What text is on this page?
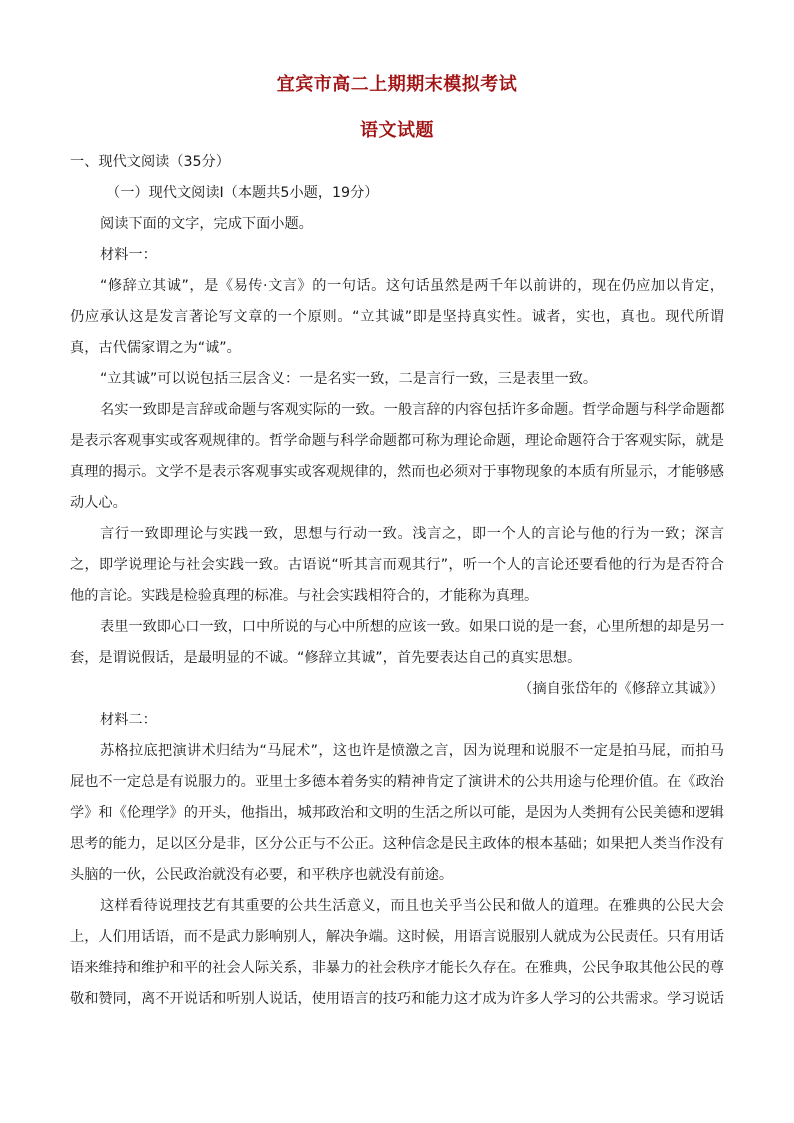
宜宾市高二上期期末模拟考试
语文试题
一、现代文阅读（35分）
（一）现代文阅读Ⅰ（本题共5小题，19分）
阅读下面的文字，完成下面小题。
材料一：
“修辞立其诚”，是《易传·文言》的一句话。这句话虽然是两千年以前讲的，现在仍应加以肯定，
仍应承认这是发言著论写文章的一个原则。“立其诚”即是坚持真实性。诚者，实也，真也。现代所谓
真，古代儒家谓之为“诚”。
“立其诚”可以说包括三层含义：一是名实一致，二是言行一致，三是表里一致。
名实一致即是言辞或命题与客观实际的一致。一般言辞的内容包括许多命题。哲学命题与科学命题都
是表示客观事实或客观规律的。哲学命题与科学命题都可称为理论命题，理论命题符合于客观实际，就是
真理的揭示。文学不是表示客观事实或客观规律的，然而也必须对于事物现象的本质有所显示，才能够感
动人心。
言行一致即理论与实践一致，思想与行动一致。浅言之，即一个人的言论与他的行为一致；深言
之，即学说理论与社会实践一致。古语说“听其言而观其行”，听一个人的言论还要看他的行为是否符合
他的言论。实践是检验真理的标准。与社会实践相符合的，才能称为真理。
表里一致即心口一致，口中所说的与心中所想的应该一致。如果口说的是一套，心里所想的却是另一
套，是谓说假话，是最明显的不诚。“修辞立其诚”，首先要表达自己的真实思想。
（摘自张岱年的《修辞立其诚》）
材料二：
苏格拉底把演讲术归结为“马屁术”，这也许是愤激之言，因为说理和说服不一定是拍马屁，而拍马
屁也不一定总是有说服力的。亚里士多德本着务实的精神肯定了演讲术的公共用途与伦理价值。在《政治
学》和《伦理学》的开头，他指出，城邦政治和文明的生活之所以可能，是因为人类拥有公民美德和逻辑
思考的能力，足以区分是非，区分公正与不公正。这种信念是民主政体的根本基础；如果把人类当作没有
头脑的一伙，公民政治就没有必要，和平秩序也就没有前途。
这样看待说理技艺有其重要的公共生活意义，而且也关乎当公民和做人的道理。在雅典的公民大会
上，人们用话语，而不是武力影响别人，解决争端。这时候，用语言说服别人就成为公民责任。只有用话
语来维持和维护和平的社会人际关系，非暴力的社会秩序才能长久存在。在雅典，公民争取其他公民的尊
敬和赞同，离不开说话和听别人说话，使用语言的技巧和能力这才成为许多人学习的公共需求。学习说话
